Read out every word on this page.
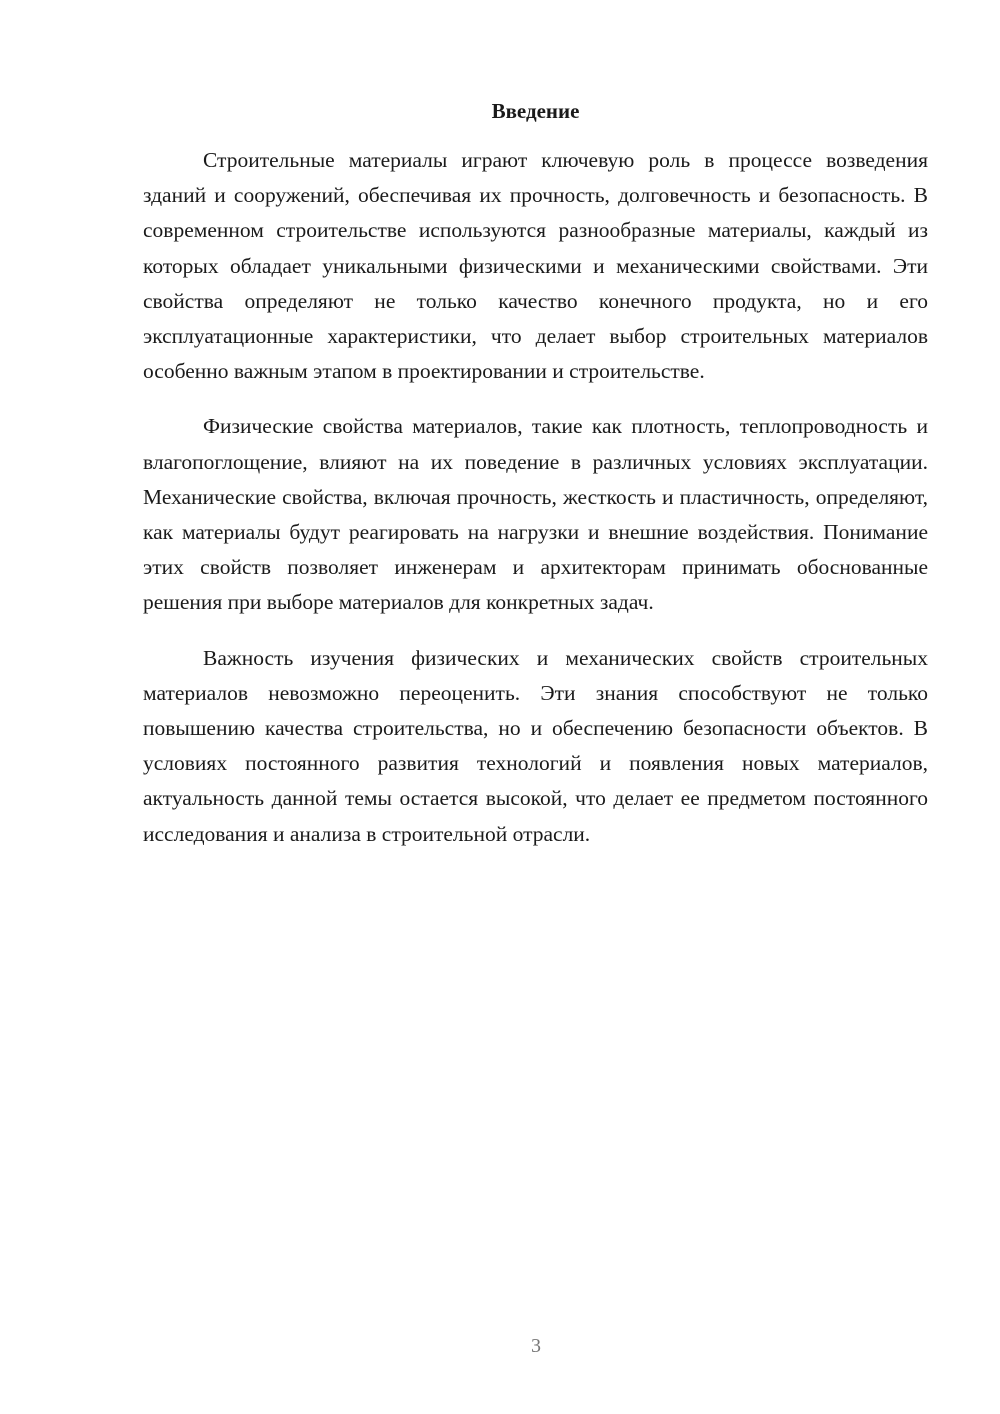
Введение

Строительные материалы играют ключевую роль в процессе возведения зданий и сооружений, обеспечивая их прочность, долговечность и безопасность. В современном строительстве используются разнообразные материалы, каждый из которых обладает уникальными физическими и механическими свойствами. Эти свойства определяют не только качество конечного продукта, но и его эксплуатационные характеристики, что делает выбор строительных материалов особенно важным этапом в проектировании и строительстве.

Физические свойства материалов, такие как плотность, теплопроводность и влагопоглощение, влияют на их поведение в различных условиях эксплуатации. Механические свойства, включая прочность, жесткость и пластичность, определяют, как материалы будут реагировать на нагрузки и внешние воздействия. Понимание этих свойств позволяет инженерам и архитекторам принимать обоснованные решения при выборе материалов для конкретных задач.

Важность изучения физических и механических свойств строительных материалов невозможно переоценить. Эти знания способствуют не только повышению качества строительства, но и обеспечению безопасности объектов. В условиях постоянного развития технологий и появления новых материалов, актуальность данной темы остается высокой, что делает ее предметом постоянного исследования и анализа в строительной отрасли.

3
